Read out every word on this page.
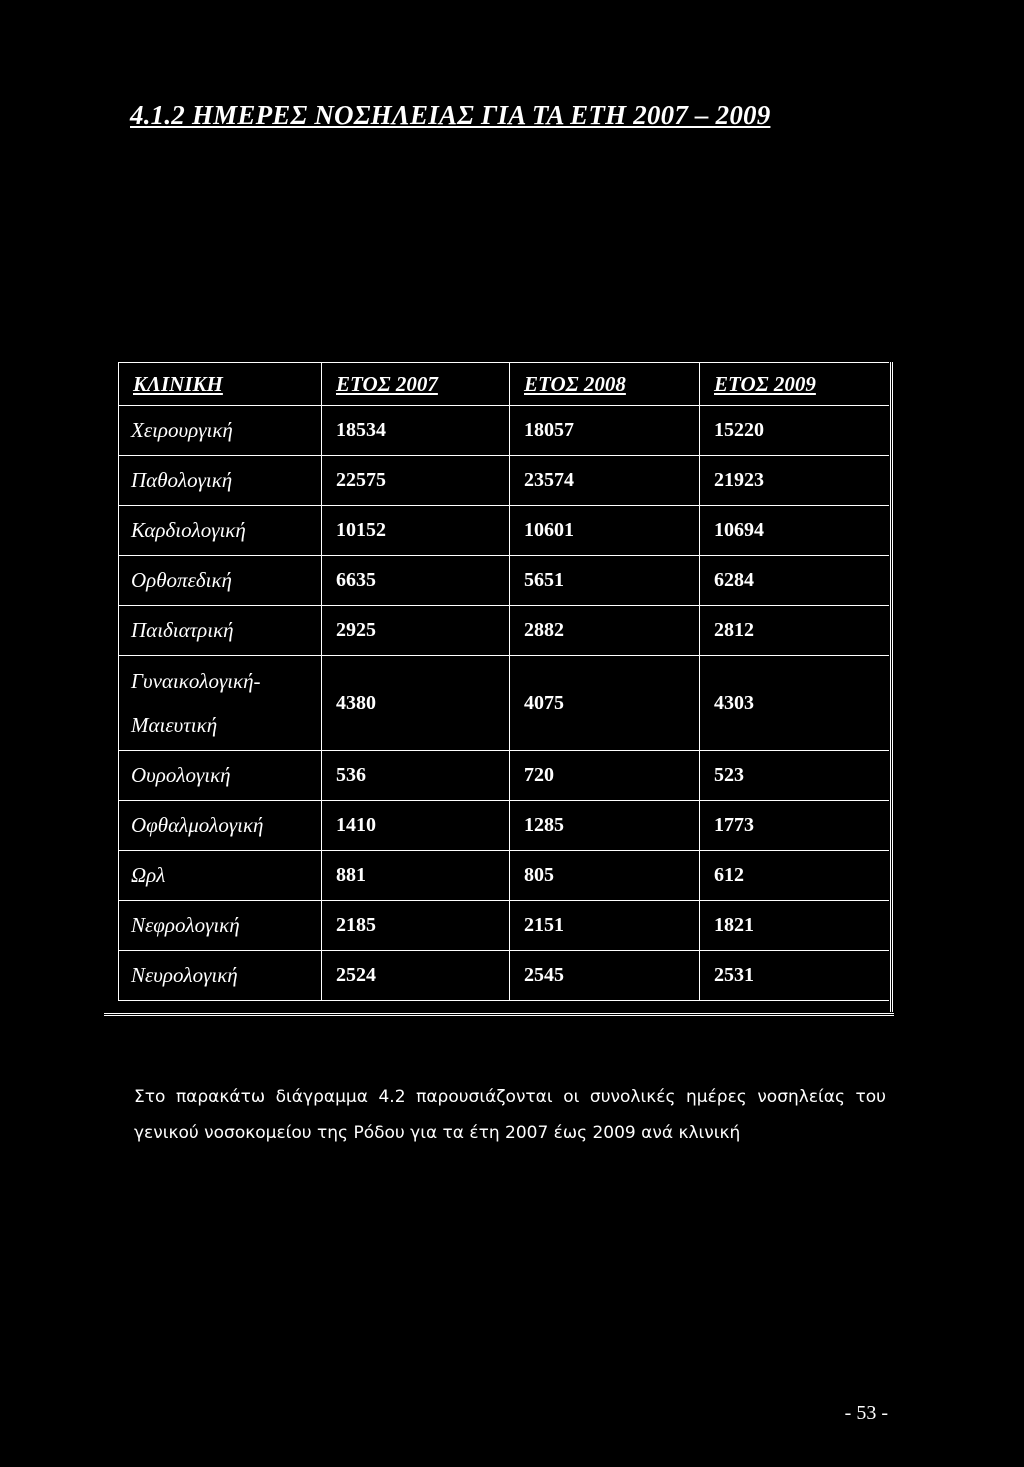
4.1.2 ΗΜΕΡΕΣ ΝΟΣΗΛΕΙΑΣ ΓΙΑ ΤΑ ΕΤΗ 2007 – 2009
ΚΛΙΝΙΚΗ	ΕΤΟΣ 2007	ΕΤΟΣ 2008	ΕΤΟΣ 2009
Χειρουργική	18534	18057	15220
Παθολογική	22575	23574	21923
Καρδιολογική	10152	10601	10694
Ορθοπεδική	6635	5651	6284
Παιδιατρική	2925	2882	2812
Γυναικολογική-
Μαιευτική	4380	4075	4303
Ουρολογική	536	720	523
Οφθαλμολογική	1410	1285	1773
Ωρλ	881	805	612
Νεφρολογική	2185	2151	1821
Νευρολογική	2524	2545	2531

Στο παρακάτω διάγραμμα 4.2 παρουσιάζονται οι συνολικές ημέρες νοσηλείας του γενικού νοσοκομείου της Ρόδου για τα έτη 2007 έως 2009 ανά κλινική

- 53 -
